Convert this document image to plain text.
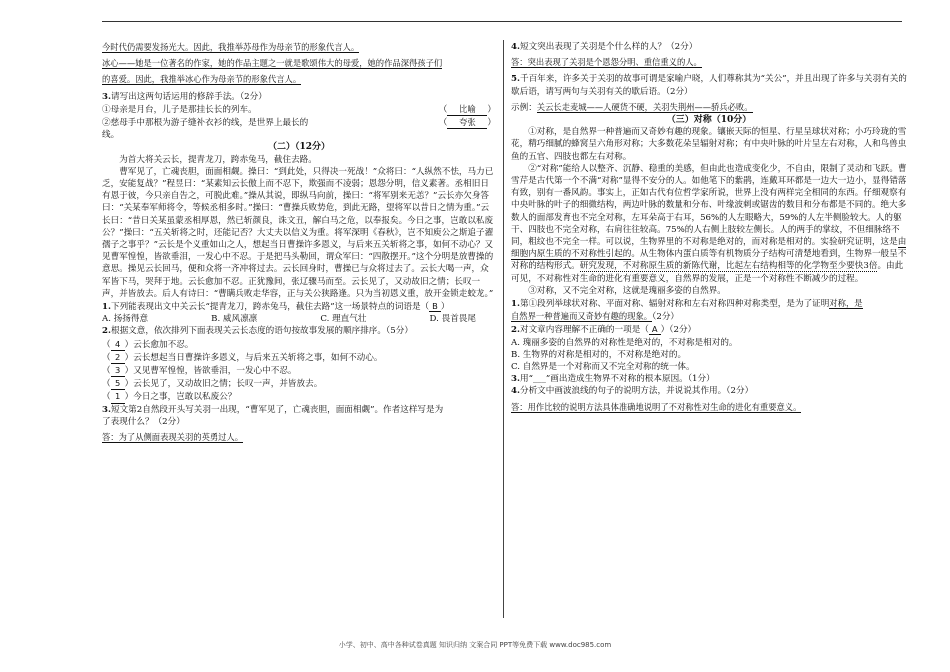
今时代仍需要发扬光大。因此，我推举苏母作为母亲节的形象代言人。
冰心——她是一位著名的作家，她的作品主题之一就是歌颂伟大的母爱，她的作品深得孩子们
的喜爱。因此，我推举冰心作为母亲节的形象代言人。
3.请写出这两句话运用的修辞手法。（2分）
①母亲是月台，儿子是那挂长长的列车。	（ 比喻 ）
②慈母手中那根为游子缝补衣衫的线，是世界上最长的	（ 夸张 ）
线。
（二）（12分）

为首大将关云长，提青龙刀，跨赤兔马，截住去路。

曹军见了，亡魂丧胆，面面相觑。操曰：“到此处，只得决一死战！”众将曰：“人纵然不怯，马力已乏，安能复战？”程昱曰：“某素知云长傲上而不忍下，欺强而不凌弱；恩怨分明，信义素著。丞相旧日有恩于彼，今只亲自告之，可脱此难。”操从其说，即纵马向前，操曰：“将军别来无恙？”云长亦欠身答曰：“关某奉军师将令，等候丞相多时。”操曰：“曹操兵败势危，到此无路，望将军以昔日之情为重。”云长曰：“昔日关某虽蒙丞相厚恩，然已斩颜良，诛文丑，解白马之危，以奉报矣。今日之事，岂敢以私废公？”操曰：“五关斩将之时，还能记否？大丈夫以信义为重。将军深明《春秋》，岂不知庾公之斯追子濯孺子之事乎？”云长是个义重如山之人，想起当日曹操许多恩义，与后来五关斩将之事，如何不动心？又见曹军惶惶，皆欲垂泪，一发心中不忍。于是把马头勒回，谓众军曰：“四散摆开。”这个分明是放曹操的意思。操见云长回马，便和众将一齐冲将过去。云长回身时，曹操已与众将过去了。云长大喝一声，众军皆下马，哭拜于地。云长愈加不忍。正犹豫间，张辽骤马而至。云长见了，又动故旧之情；长叹一声，并皆放去。后人有诗曰：“曹瞒兵败走华容，正与关公狭路逢。只为当初恩义重，放开金锁走蛟龙。”

1.下列能表现出文中关云长“提青龙刀，跨赤兔马，截住去路”这一场景特点的词语是（ B ）
A. 扬扬得意	B. 威风凛凛	C. 理直气壮	D. 畏首畏尾
2.根据文意，依次排列下面表现关云长态度的语句按故事发展的顺序排序。（5分）
（ 4 ）云长愈加不忍。
（ 2 ）云长想起当日曹操许多恩义，与后来五关斩将之事，如何不动心。
（ 3 ）又见曹军惶惶，皆欲垂泪，一发心中不忍。
（ 5 ）云长见了，又动故旧之情；长叹一声，并皆放去。
（ 1 ）今日之事，岂敢以私废公？
3.短文第2自然段开头写关羽一出现，“曹军见了，亡魂丧胆，面面相觑”。作者这样写是为
了表现什么？（2分）
答：为了从侧面表现关羽的英勇过人。
4.短文突出表现了关羽是个什么样的人？（2分）
答：突出表现了关羽是个恩怨分明、重信重义的人。
5.千百年来，许多关于关羽的故事可谓是家喻户晓，人们尊称其为“关公”，并且出现了许多与关羽有关的歇后语，请写两句与关羽有关的歇后语。（2分）
示例：关云长走麦城——人硬货不硬，关羽失荆州——骄兵必败。
（三）对称（10分）

①对称，是自然界一种普遍而又奇妙有趣的现象。镶嵌天际的恒星、行星呈球状对称；小巧玲珑的雪花，精巧细腻的蜂窝呈六角形对称；大多数花朵呈辐射对称；有中央叶脉的叶片呈左右对称，人和鸟兽虫鱼的五官、四肢也都左右对称。

②“对称”能给人以整齐、沉静、稳重的美感，但由此也造成变化少，不自由，限制了灵动和飞跃。曹雪芹是古代第一个不满“对称”显得不安分的人。如他笔下的紫鹃，连戴耳环都是一边大一边小，显得错落有致，别有一番风韵。事实上，正如古代有位哲学家所说，世界上没有两样完全相同的东西。仔细观察有中央叶脉的叶子的细微结构，两边叶脉的数量和分布、叶缘波刺或锯齿的数目和分布都是不同的。绝大多数人的面部发育也不完全对称，左耳朵高于右耳，56%的人左眼略大，59%的人左半侧脸较大。人的躯干、四肢也不完全对称，右肩往往较高。75%的人右侧上肢较左侧长。人的两手的掌纹，不但细脉络不同，粗纹也不完全一样。可以说，生物界里的不对称是绝对的，而对称是相对的。实验研究证明，这是由细胞内原生质的不对称性引起的。从生物体内蛋白质等有机物质分子结构可清楚地看到，生物界一般呈不对称的结构形式。研究发现，不对称原生质的新陈代谢，比起左右结构相等的化学物至少要快3倍。由此可见，不对称性对生命的进化有重要意义，自然界的发展，正是一个对称性不断减少的过程。

③对称，又不完全对称，这就是瑰丽多姿的自然界。

1.第①段列举球状对称、平面对称、辐射对称和左右对称四种对称类型，是为了证明对称，是
自然界一种普遍而又奇妙有趣的现象。（2分）
2.对文章内容理解不正确的一项是（ A ）（2分）
A. 瑰丽多姿的自然界的对称性是绝对的，不对称是相对的。
B. 生物界的对称是相对的，不对称是绝对的。
C. 自然界是一个对称而又不完全对称的统一体。
3.用“___”画出造成生物界不对称的根本原因。（1分）
4.分析文中画波浪线的句子的说明方法，并说说其作用。（2分）
答：用作比较的说明方法具体准确地说明了不对称性对生命的进化有重要意义。
小学、初中、高中各种试卷真题 知识归纳 文案合同 PPT等免费下载 www.doc985.com
